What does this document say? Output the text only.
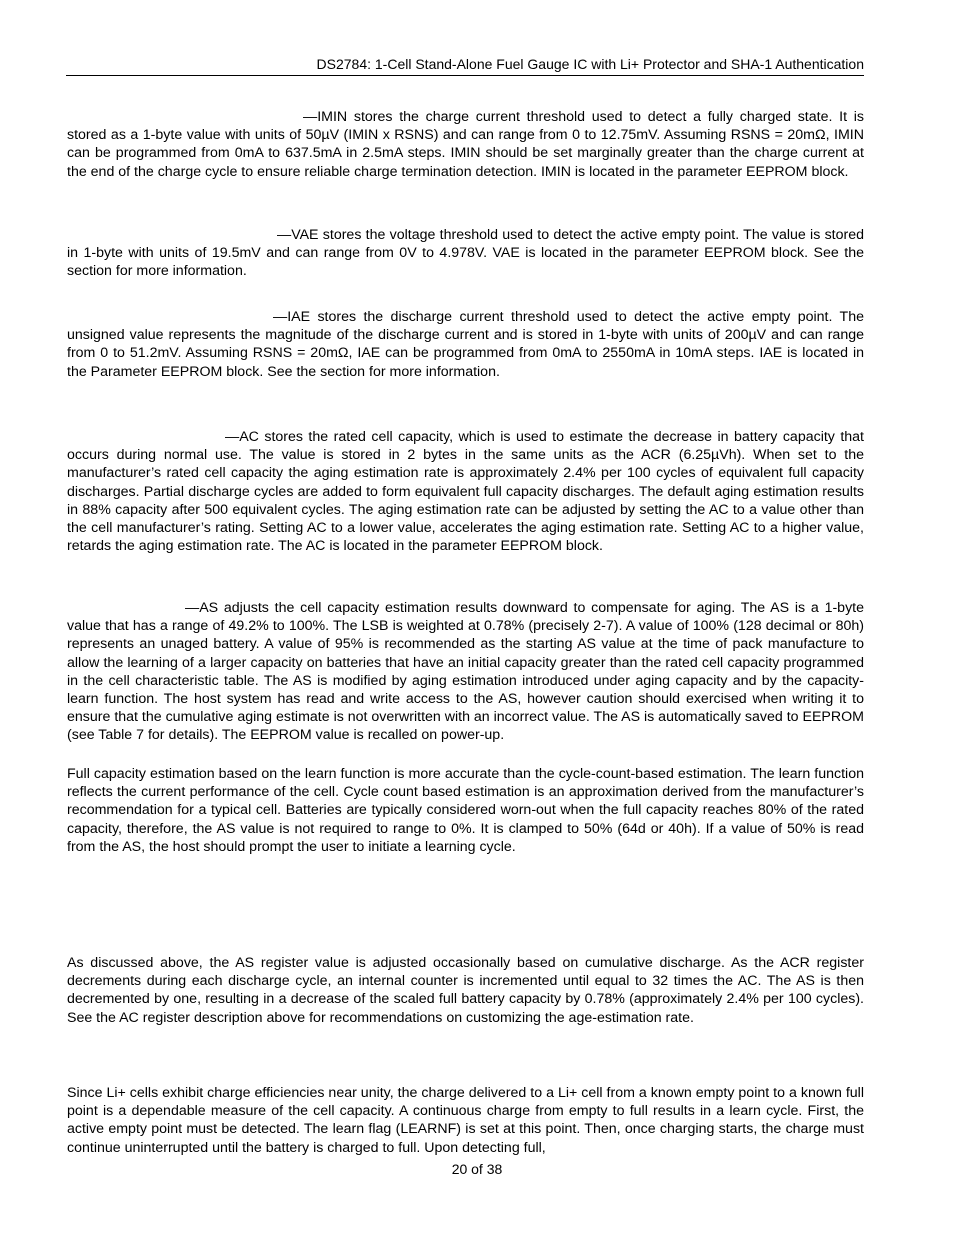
DS2784: 1-Cell Stand-Alone Fuel Gauge IC with Li+ Protector and SHA-1 Authentication

—IMIN stores the charge current threshold used to detect a fully charged state. It is stored as a 1-byte value with units of 50µV (IMIN x RSNS) and can range from 0 to 12.75mV. Assuming RSNS = 20mΩ, IMIN can be programmed from 0mA to 637.5mA in 2.5mA steps. IMIN should be set marginally greater than the charge current at the end of the charge cycle to ensure reliable charge termination detection. IMIN is located in the parameter EEPROM block.

—VAE stores the voltage threshold used to detect the active empty point. The value is stored in 1-byte with units of 19.5mV and can range from 0V to 4.978V. VAE is located in the parameter EEPROM block. See the section for more information.

—IAE stores the discharge current threshold used to detect the active empty point. The unsigned value represents the magnitude of the discharge current and is stored in 1-byte with units of 200µV and can range from 0 to 51.2mV. Assuming RSNS = 20mΩ, IAE can be programmed from 0mA to 2550mA in 10mA steps. IAE is located in the Parameter EEPROM block. See the section for more information.

—AC stores the rated cell capacity, which is used to estimate the decrease in battery capacity that occurs during normal use. The value is stored in 2 bytes in the same units as the ACR (6.25µVh). When set to the manufacturer’s rated cell capacity the aging estimation rate is approximately 2.4% per 100 cycles of equivalent full capacity discharges. Partial discharge cycles are added to form equivalent full capacity discharges. The default aging estimation results in 88% capacity after 500 equivalent cycles. The aging estimation rate can be adjusted by setting the AC to a value other than the cell manufacturer’s rating. Setting AC to a lower value, accelerates the aging estimation rate. Setting AC to a higher value, retards the aging estimation rate. The AC is located in the parameter EEPROM block.

—AS adjusts the cell capacity estimation results downward to compensate for aging. The AS is a 1-byte value that has a range of 49.2% to 100%. The LSB is weighted at 0.78% (precisely 2-7). A value of 100% (128 decimal or 80h) represents an unaged battery. A value of 95% is recommended as the starting AS value at the time of pack manufacture to allow the learning of a larger capacity on batteries that have an initial capacity greater than the rated cell capacity programmed in the cell characteristic table. The AS is modified by aging estimation introduced under aging capacity and by the capacity-learn function. The host system has read and write access to the AS, however caution should exercised when writing it to ensure that the cumulative aging estimate is not overwritten with an incorrect value. The AS is automatically saved to EEPROM (see Table 7 for details). The EEPROM value is recalled on power-up.

Full capacity estimation based on the learn function is more accurate than the cycle-count-based estimation. The learn function reflects the current performance of the cell. Cycle count based estimation is an approximation derived from the manufacturer’s recommendation for a typical cell. Batteries are typically considered worn-out when the full capacity reaches 80% of the rated capacity, therefore, the AS value is not required to range to 0%. It is clamped to 50% (64d or 40h). If a value of 50% is read from the AS, the host should prompt the user to initiate a learning cycle.

As discussed above, the AS register value is adjusted occasionally based on cumulative discharge. As the ACR register decrements during each discharge cycle, an internal counter is incremented until equal to 32 times the AC. The AS is then decremented by one, resulting in a decrease of the scaled full battery capacity by 0.78% (approximately 2.4% per 100 cycles). See the AC register description above for recommendations on customizing the age-estimation rate.

Since Li+ cells exhibit charge efficiencies near unity, the charge delivered to a Li+ cell from a known empty point to a known full point is a dependable measure of the cell capacity. A continuous charge from empty to full results in a learn cycle. First, the active empty point must be detected. The learn flag (LEARNF) is set at this point. Then, once charging starts, the charge must continue uninterrupted until the battery is charged to full. Upon detecting full,

20 of 38
